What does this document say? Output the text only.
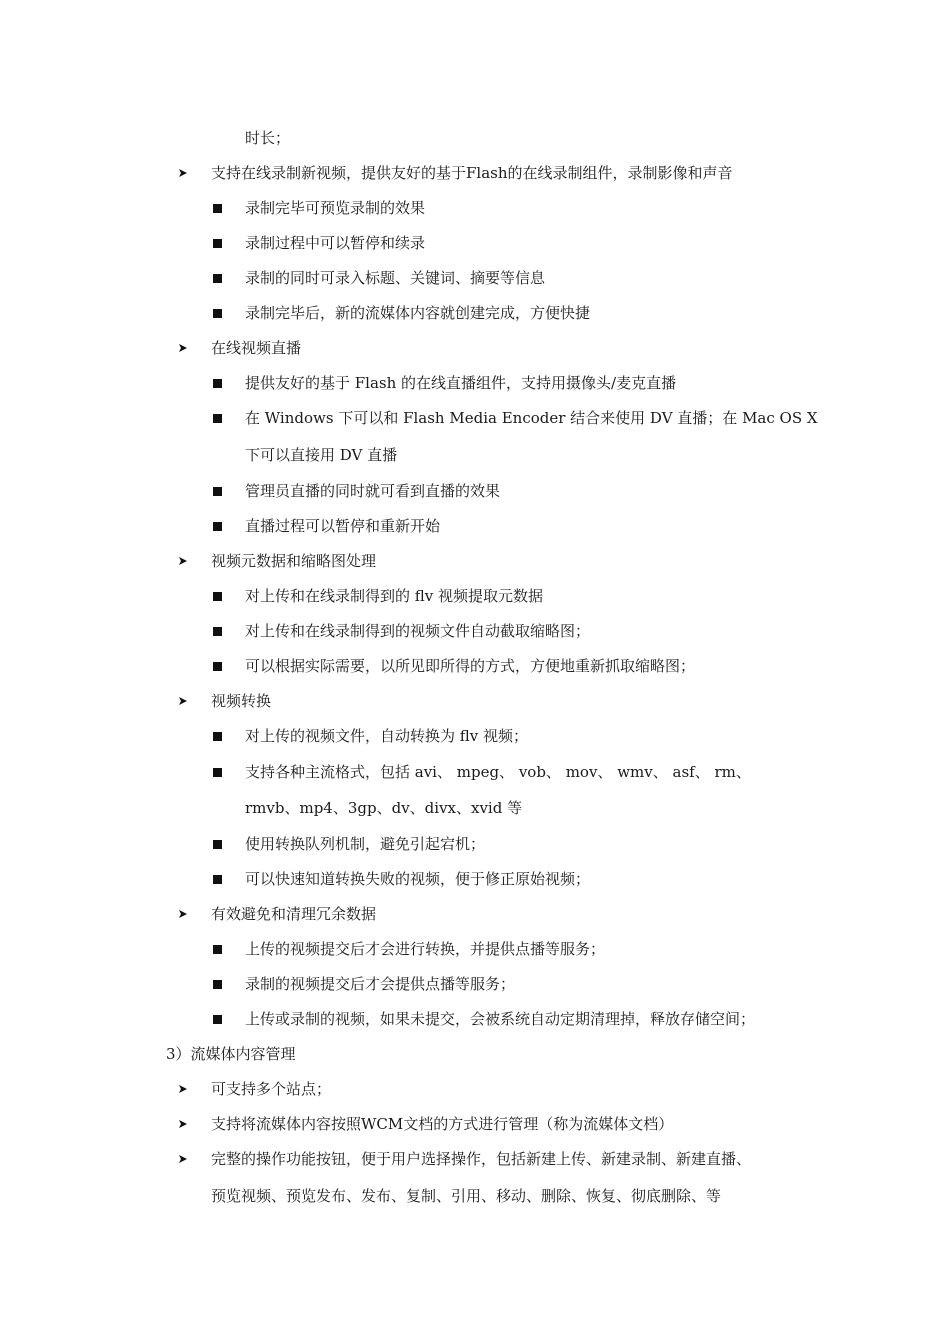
时长；
支持在线录制新视频，提供友好的基于Flash的在线录制组件，录制影像和声音
录制完毕可预览录制的效果
录制过程中可以暂停和续录
录制的同时可录入标题、关键词、摘要等信息
录制完毕后，新的流媒体内容就创建完成，方便快捷
在线视频直播
提供友好的基于 Flash 的在线直播组件，支持用摄像头/麦克直播
在 Windows 下可以和 Flash Media Encoder 结合来使用 DV 直播；在 Mac OS X
下可以直接用 DV 直播
管理员直播的同时就可看到直播的效果
直播过程可以暂停和重新开始
视频元数据和缩略图处理
对上传和在线录制得到的 flv 视频提取元数据
对上传和在线录制得到的视频文件自动截取缩略图；
可以根据实际需要，以所见即所得的方式，方便地重新抓取缩略图；
视频转换
对上传的视频文件，自动转换为 flv 视频；
支持各种主流格式，包括 avi、 mpeg、 vob、 mov、 wmv、 asf、 rm、
rmvb、mp4、3gp、dv、divx、xvid 等
使用转换队列机制，避免引起宕机；
可以快速知道转换失败的视频，便于修正原始视频；
有效避免和清理冗余数据
上传的视频提交后才会进行转换，并提供点播等服务；
录制的视频提交后才会提供点播等服务；
上传或录制的视频，如果未提交，会被系统自动定期清理掉，释放存储空间；
3）流媒体内容管理
可支持多个站点；
支持将流媒体内容按照WCM文档的方式进行管理（称为流媒体文档）
完整的操作功能按钮，便于用户选择操作，包括新建上传、新建录制、新建直播、
预览视频、预览发布、发布、复制、引用、移动、删除、恢复、彻底删除、等
